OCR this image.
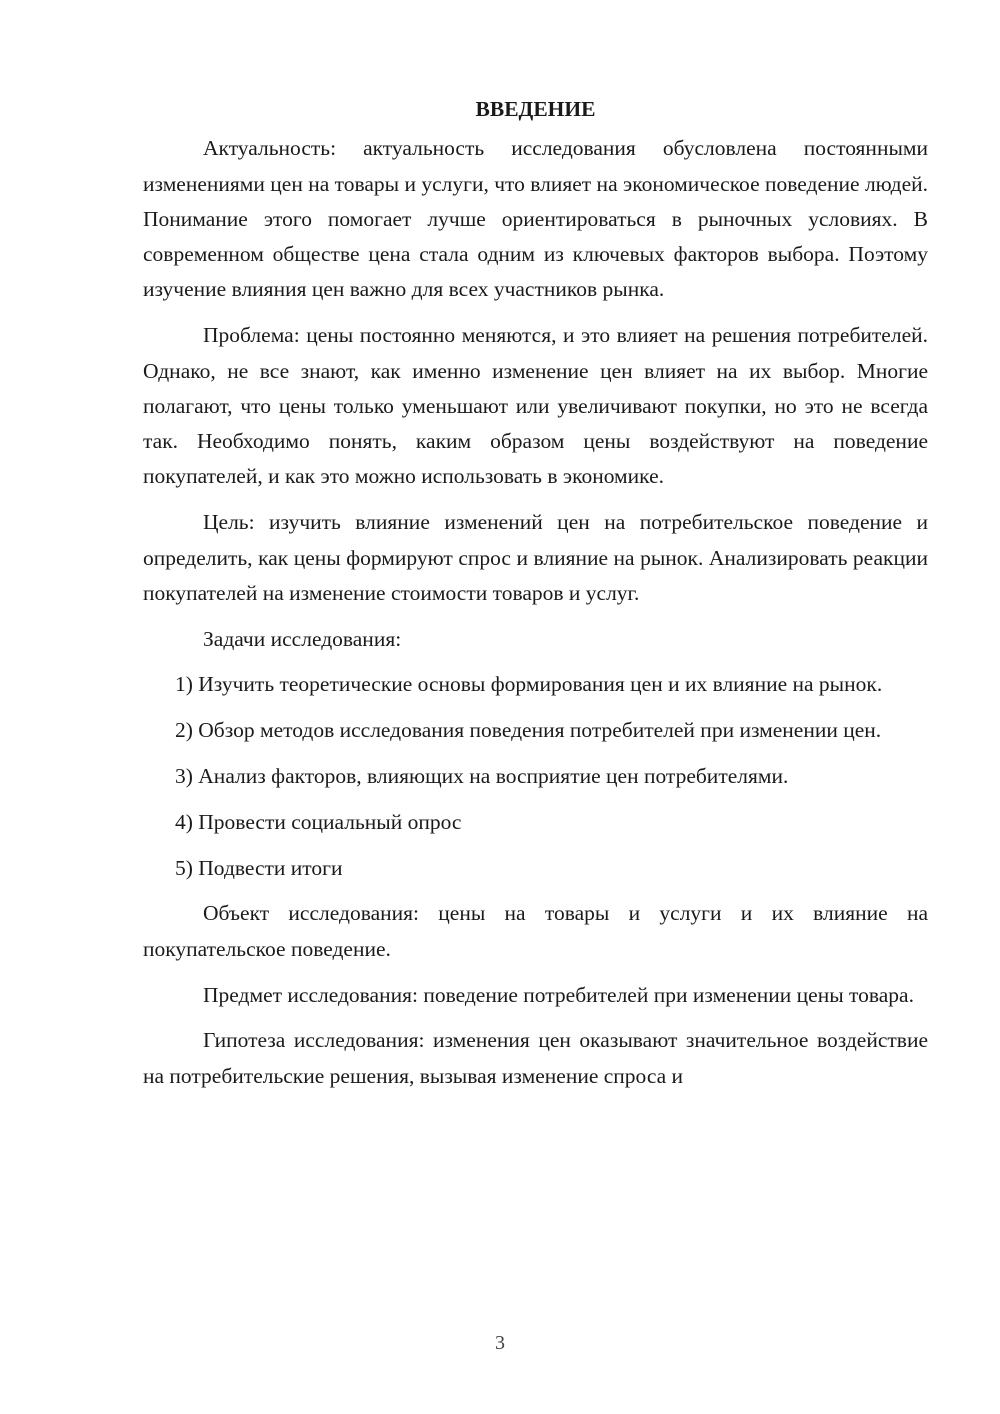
ВВЕДЕНИЕ

Актуальность: актуальность исследования обусловлена постоянными изменениями цен на товары и услуги, что влияет на экономическое поведение людей. Понимание этого помогает лучше ориентироваться в рыночных условиях. В современном обществе цена стала одним из ключевых факторов выбора. Поэтому изучение влияния цен важно для всех участников рынка.

Проблема: цены постоянно меняются, и это влияет на решения потребителей. Однако, не все знают, как именно изменение цен влияет на их выбор. Многие полагают, что цены только уменьшают или увеличивают покупки, но это не всегда так. Необходимо понять, каким образом цены воздействуют на поведение покупателей, и как это можно использовать в экономике.

Цель: изучить влияние изменений цен на потребительское поведение и определить, как цены формируют спрос и влияние на рынок. Анализировать реакции покупателей на изменение стоимости товаров и услуг.

Задачи исследования:

1) Изучить теоретические основы формирования цен и их влияние на рынок.

2) Обзор методов исследования поведения потребителей при изменении цен.

3) Анализ факторов, влияющих на восприятие цен потребителями.

4) Провести социальный опрос

5) Подвести итоги

Объект исследования: цены на товары и услуги и их влияние на покупательское поведение.

Предмет исследования: поведение потребителей при изменении цены товара.

Гипотеза исследования: изменения цен оказывают значительное воздействие на потребительские решения, вызывая изменение спроса и

3
